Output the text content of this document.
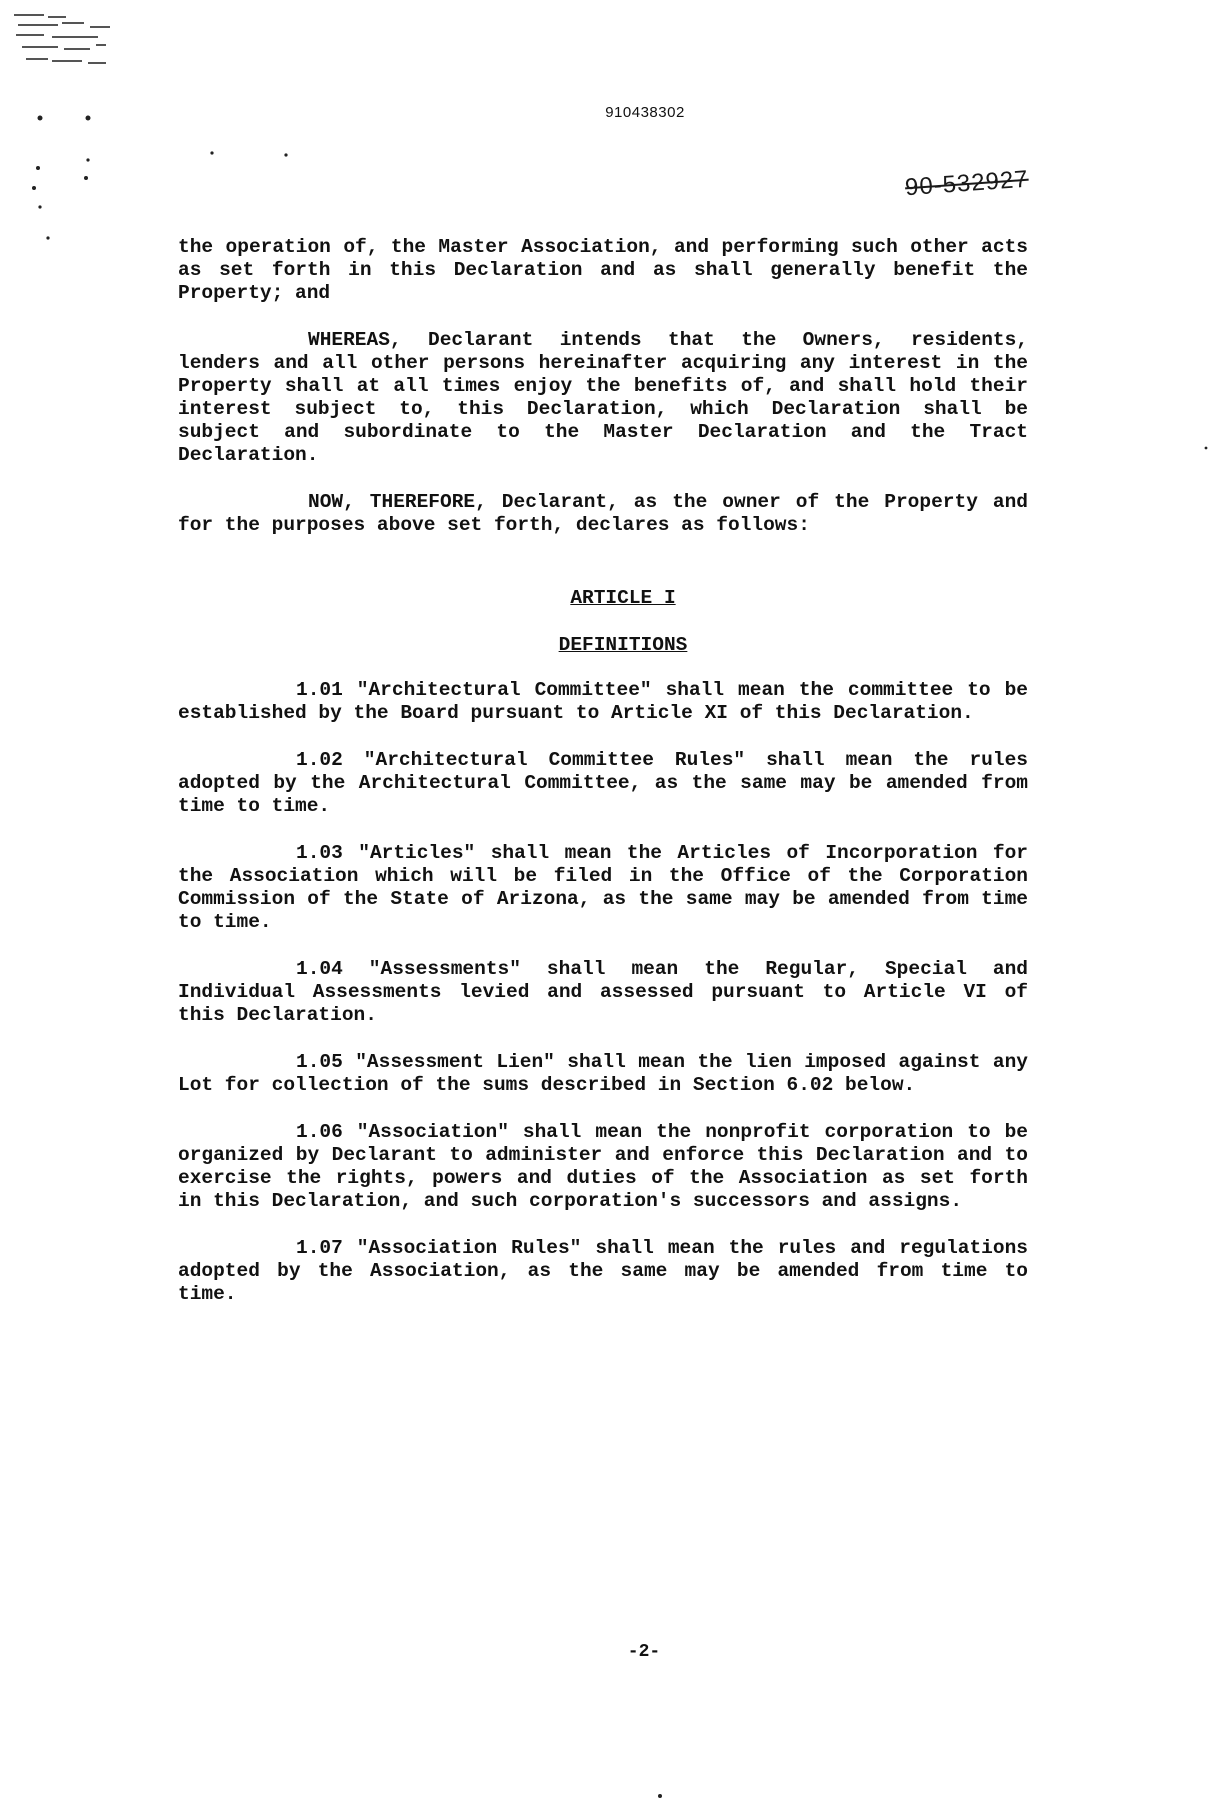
910438302
90-532927

the operation of, the Master Association, and performing such other acts as set forth in this Declaration and as shall generally benefit the Property; and

WHEREAS, Declarant intends that the Owners, residents, lenders and all other persons hereinafter acquiring any interest in the Property shall at all times enjoy the benefits of, and shall hold their interest subject to, this Declaration, which Declaration shall be subject and subordinate to the Master Declaration and the Tract Declaration.

NOW, THEREFORE, Declarant, as the owner of the Property and for the purposes above set forth, declares as follows:

ARTICLE I

DEFINITIONS

1.01 "Architectural Committee" shall mean the committee to be established by the Board pursuant to Article XI of this Declaration.

1.02 "Architectural Committee Rules" shall mean the rules adopted by the Architectural Committee, as the same may be amended from time to time.

1.03 "Articles" shall mean the Articles of Incorporation for the Association which will be filed in the Office of the Corporation Commission of the State of Arizona, as the same may be amended from time to time.

1.04 "Assessments" shall mean the Regular, Special and Individual Assessments levied and assessed pursuant to Article VI of this Declaration.

1.05 "Assessment Lien" shall mean the lien imposed against any Lot for collection of the sums described in Section 6.02 below.

1.06 "Association" shall mean the nonprofit corporation to be organized by Declarant to administer and enforce this Declaration and to exercise the rights, powers and duties of the Association as set forth in this Declaration, and such corporation's successors and assigns.

1.07 "Association Rules" shall mean the rules and regulations adopted by the Association, as the same may be amended from time to time.

-2-
